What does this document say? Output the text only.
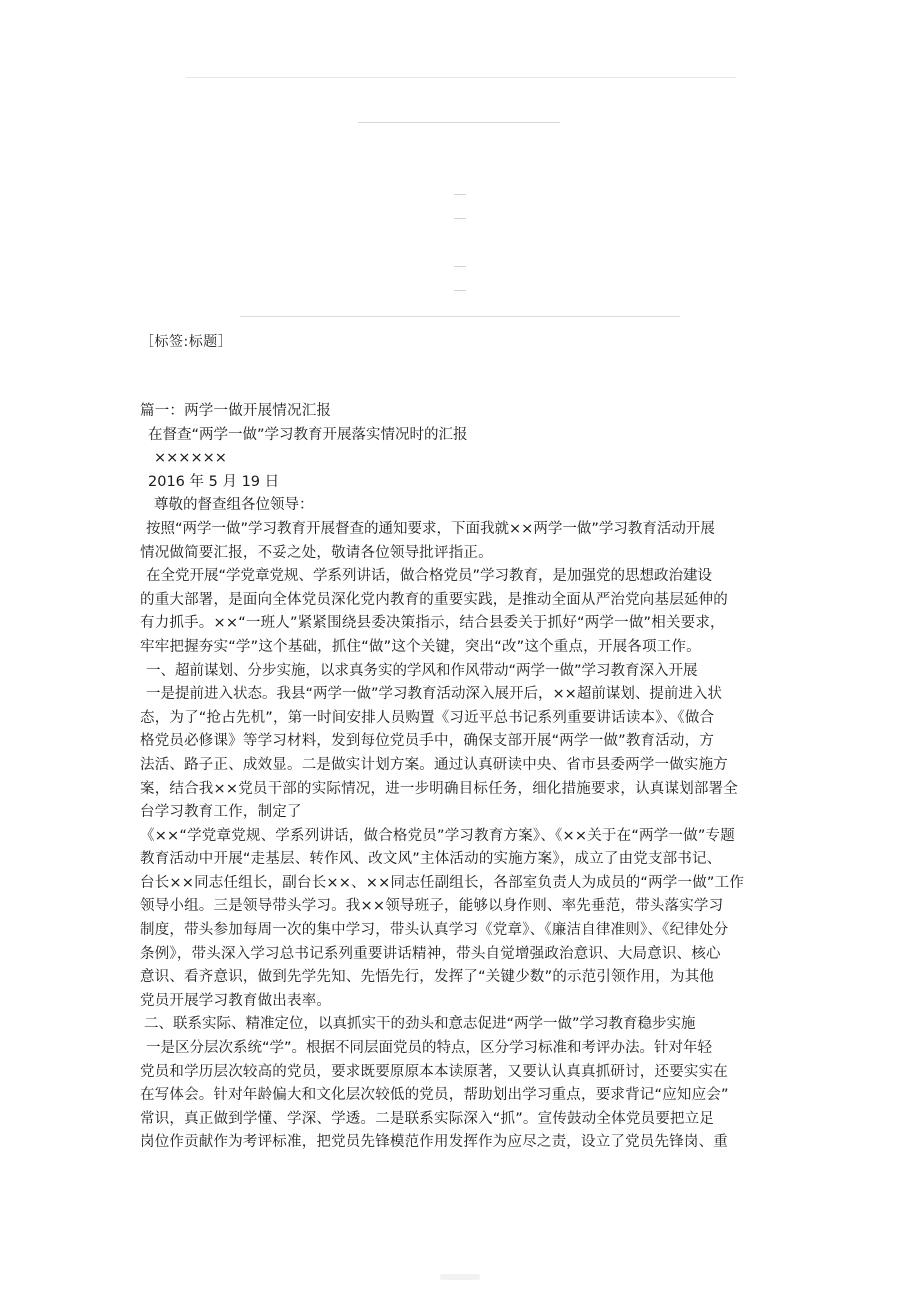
［标签:标题］
篇一：两学一做开展情况汇报
在督查“两学一做”学习教育开展落实情况时的汇报
××××××
2016 年 5 月 19 日
尊敬的督查组各位领导：
按照“两学一做”学习教育开展督查的通知要求，下面我就××两学一做”学习教育活动开展
情况做简要汇报，不妥之处，敬请各位领导批评指正。
在全党开展“学党章党规、学系列讲话，做合格党员”学习教育，是加强党的思想政治建设
的重大部署，是面向全体党员深化党内教育的重要实践，是推动全面从严治党向基层延伸的
有力抓手。××“一班人”紧紧围绕县委决策指示，结合县委关于抓好“两学一做”相关要求，
牢牢把握夯实“学”这个基础，抓住“做”这个关键，突出“改”这个重点，开展各项工作。
一、超前谋划、分步实施，以求真务实的学风和作风带动“两学一做”学习教育深入开展
一是提前进入状态。我县“两学一做”学习教育活动深入展开后，××超前谋划、提前进入状
态，为了“抢占先机”，第一时间安排人员购置《习近平总书记系列重要讲话读本》、《做合
格党员必修课》等学习材料，发到每位党员手中，确保支部开展“两学一做”教育活动，方
法活、路子正、成效显。二是做实计划方案。通过认真研读中央、省市县委两学一做实施方
案，结合我××党员干部的实际情况，进一步明确目标任务，细化措施要求，认真谋划部署全
台学习教育工作，制定了
《××“学党章党规、学系列讲话，做合格党员”学习教育方案》、《××关于在“两学一做”专题
教育活动中开展“走基层、转作风、改文风”主体活动的实施方案》，成立了由党支部书记、
台长××同志任组长，副台长××、××同志任副组长，各部室负责人为成员的“两学一做”工作
领导小组。三是领导带头学习。我××领导班子，能够以身作则、率先垂范，带头落实学习
制度，带头参加每周一次的集中学习，带头认真学习《党章》、《廉洁自律准则》、《纪律处分
条例》，带头深入学习总书记系列重要讲话精神，带头自觉增强政治意识、大局意识、核心
意识、看齐意识，做到先学先知、先悟先行，发挥了“关键少数”的示范引领作用，为其他
党员开展学习教育做出表率。
二、联系实际、精准定位，以真抓实干的劲头和意志促进“两学一做”学习教育稳步实施
一是区分层次系统“学”。根据不同层面党员的特点，区分学习标准和考评办法。针对年轻
党员和学历层次较高的党员，要求既要原原本本读原著，又要认认真真抓研讨，还要实实在
在写体会。针对年龄偏大和文化层次较低的党员，帮助划出学习重点，要求背记“应知应会”
常识，真正做到学懂、学深、学透。二是联系实际深入“抓”。宣传鼓动全体党员要把立足
岗位作贡献作为考评标准，把党员先锋模范作用发挥作为应尽之责，设立了党员先锋岗、重
